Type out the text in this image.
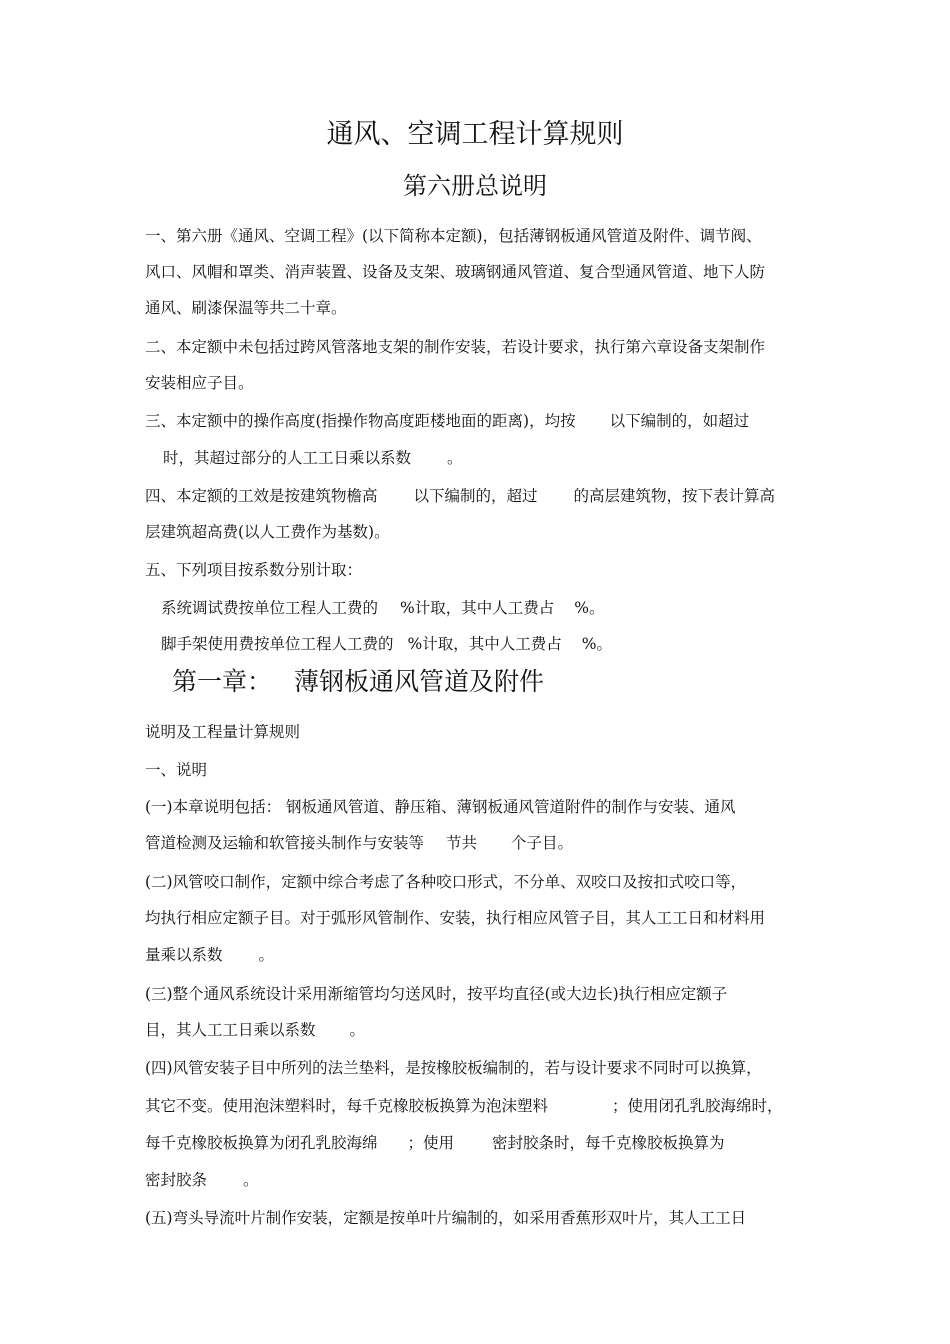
通风、空调工程计算规则
第六册总说明
一、第六册《通风、空调工程》(以下简称本定额)，包括薄钢板通风管道及附件、调节阀、
风口、风帽和罩类、消声装置、设备及支架、玻璃钢通风管道、复合型通风管道、地下人防
通风、刷漆保温等共二十章。
二、本定额中未包括过跨风管落地支架的制作安装，若设计要求，执行第六章设备支架制作
安装相应子目。
三、本定额中的操作高度(指操作物高度距楼地面的距离)，均按 以下编制的，如超过
时，其超过部分的人工工日乘以系数 。
四、本定额的工效是按建筑物檐高 以下编制的，超过 的高层建筑物，按下表计算高
层建筑超高费(以人工费作为基数)。
五、下列项目按系数分别计取：
系统调试费按单位工程人工费的 %计取，其中人工费占 %。
脚手架使用费按单位工程人工费的 %计取，其中人工费占 %。
第一章： 薄钢板通风管道及附件
说明及工程量计算规则
一、说明
(一)本章说明包括： 钢板通风管道、静压箱、薄钢板通风管道附件的制作与安装、通风
管道检测及运输和软管接头制作与安装等 节共 个子目。
(二)风管咬口制作，定额中综合考虑了各种咬口形式，不分单、双咬口及按扣式咬口等，
均执行相应定额子目。对于弧形风管制作、安装，执行相应风管子目，其人工工日和材料用
量乘以系数 。
(三)整个通风系统设计采用渐缩管均匀送风时，按平均直径(或大边长)执行相应定额子
目，其人工工日乘以系数 。
(四)风管安装子目中所列的法兰垫料，是按橡胶板编制的，若与设计要求不同时可以换算，
其它不变。使用泡沫塑料时，每千克橡胶板换算为泡沫塑料	；使用闭孔乳胶海绵时，
每千克橡胶板换算为闭孔乳胶海绵 ；使用 密封胶条时，每千克橡胶板换算为
密封胶条 。
(五)弯头导流叶片制作安装，定额是按单叶片编制的，如采用香蕉形双叶片，其人工工日
